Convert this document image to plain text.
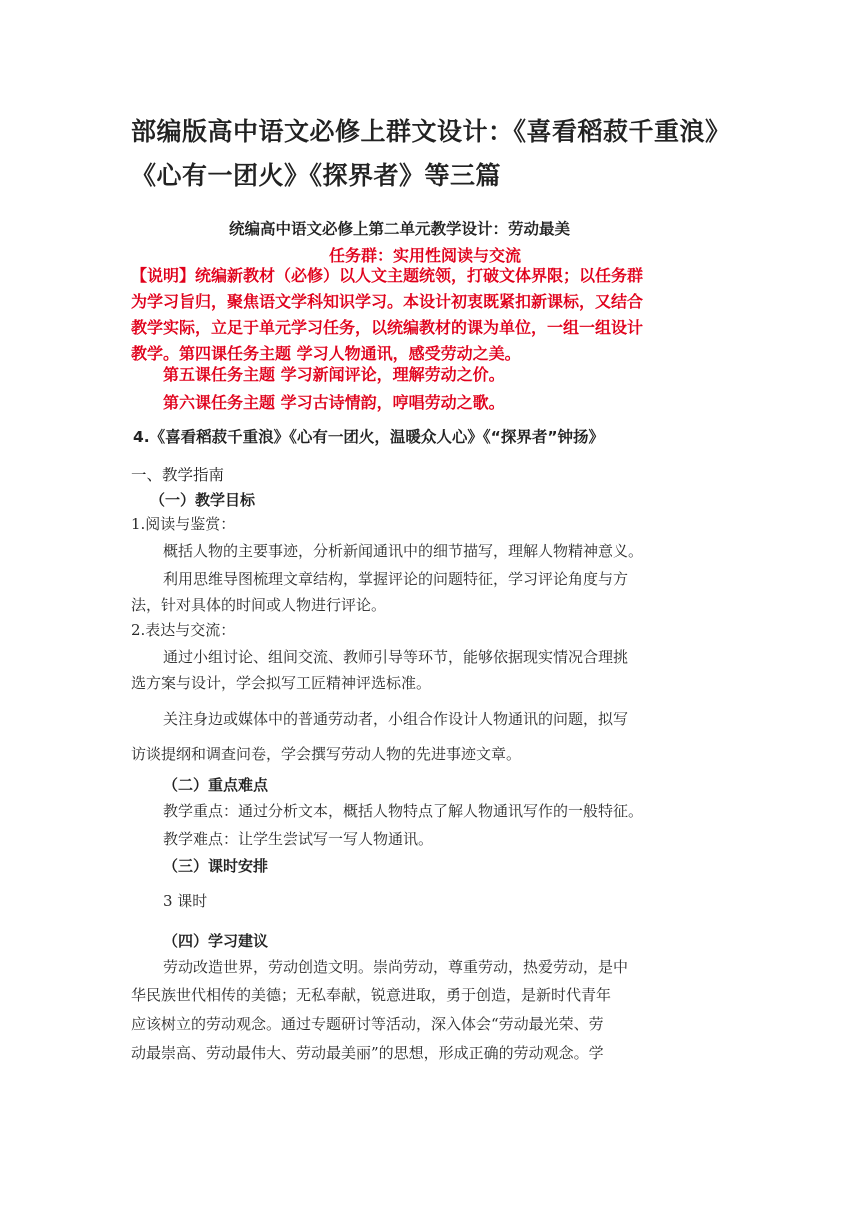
部编版高中语文必修上群文设计：《喜看稻菽千重浪》
《心有一团火》《探界者》等三篇
统编高中语文必修上第二单元教学设计：劳动最美
任务群：实用性阅读与交流
【说明】统编新教材（必修）以人文主题统领，打破文体界限；以任务群
为学习旨归，聚焦语文学科知识学习。本设计初衷既紧扣新课标，又结合
教学实际，立足于单元学习任务，以统编教材的课为单位，一组一组设计
教学。第四课任务主题 学习人物通讯，感受劳动之美。
第五课任务主题 学习新闻评论，理解劳动之价。
第六课任务主题 学习古诗情韵，哼唱劳动之歌。
4.《喜看稻菽千重浪》《心有一团火，温暖众人心》《“探界者”钟扬》
一、教学指南
（一）教学目标
1.阅读与鉴赏：
概括人物的主要事迹，分析新闻通讯中的细节描写，理解人物精神意义。
利用思维导图梳理文章结构，掌握评论的问题特征，学习评论角度与方
法，针对具体的时间或人物进行评论。
2.表达与交流：
通过小组讨论、组间交流、教师引导等环节，能够依据现实情况合理挑
选方案与设计，学会拟写工匠精神评选标准。
关注身边或媒体中的普通劳动者，小组合作设计人物通讯的问题，拟写
访谈提纲和调查问卷，学会撰写劳动人物的先进事迹文章。
（二）重点难点
教学重点：通过分析文本，概括人物特点了解人物通讯写作的一般特征。
教学难点：让学生尝试写一写人物通讯。
（三）课时安排
3 课时
（四）学习建议
劳动改造世界，劳动创造文明。崇尚劳动，尊重劳动，热爱劳动，是中
华民族世代相传的美德；无私奉献，锐意进取，勇于创造，是新时代青年
应该树立的劳动观念。通过专题研讨等活动，深入体会“劳动最光荣、劳
动最崇高、劳动最伟大、劳动最美丽”的思想，形成正确的劳动观念。学
